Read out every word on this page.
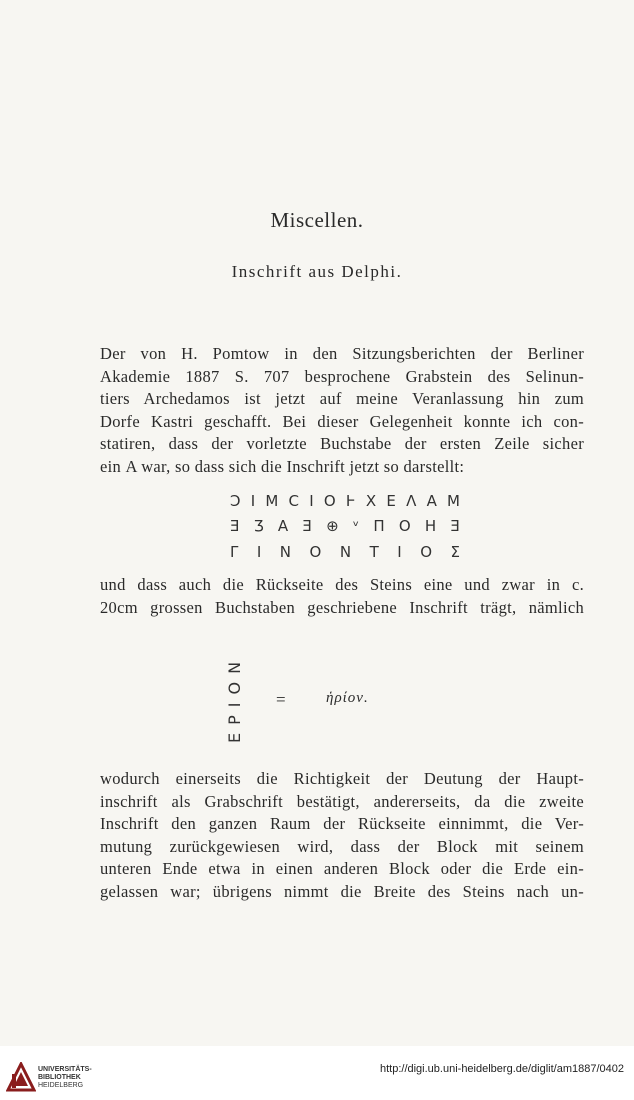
Miscellen.
Inschrift aus Delphi.
Der von H. Pomtow in den Sitzungsberichten der Berliner
Akademie 1887 S. 707 besprochene Grabstein des Selinun-
tiers Archedamos ist jetzt auf meine Veranlassung hin zum
Dorfe Kastri geschafft. Bei dieser Gelegenheit konnte ich con-
statiren, dass der vorletzte Buchstabe der ersten Zeile sicher
ein Α war, so dass sich die Inschrift jetzt so darstellt:
Ͻ Ι Μ C Ι Ο Ͱ Χ Ε Λ Α Μ
Ǝ Ʒ Α Ǝ ⊕ ᵛ Π Ο Η Ǝ
Γ Ι Ν Ο Ν Τ Ι Ο Σ
und dass auch die Rückseite des Steins eine und zwar in c.
20cm grossen Buchstaben geschriebene Inschrift trägt, nämlich
ΕΡΙΟΝ =	ἡρίον.
wodurch einerseits die Richtigkeit der Deutung der Haupt-
inschrift als Grabschrift bestätigt, andererseits, da die zweite
Inschrift den ganzen Raum der Rückseite einnimmt, die Ver-
mutung zurückgewiesen wird, dass der Block mit seinem
unteren Ende etwa in einen anderen Block oder die Erde ein-
gelassen war; übrigens nimmt die Breite des Steins nach un-
UNIVERSITÄTS-
BIBLIOTHEK
HEIDELBERG
http://digi.ub.uni-heidelberg.de/diglit/am1887/0402
